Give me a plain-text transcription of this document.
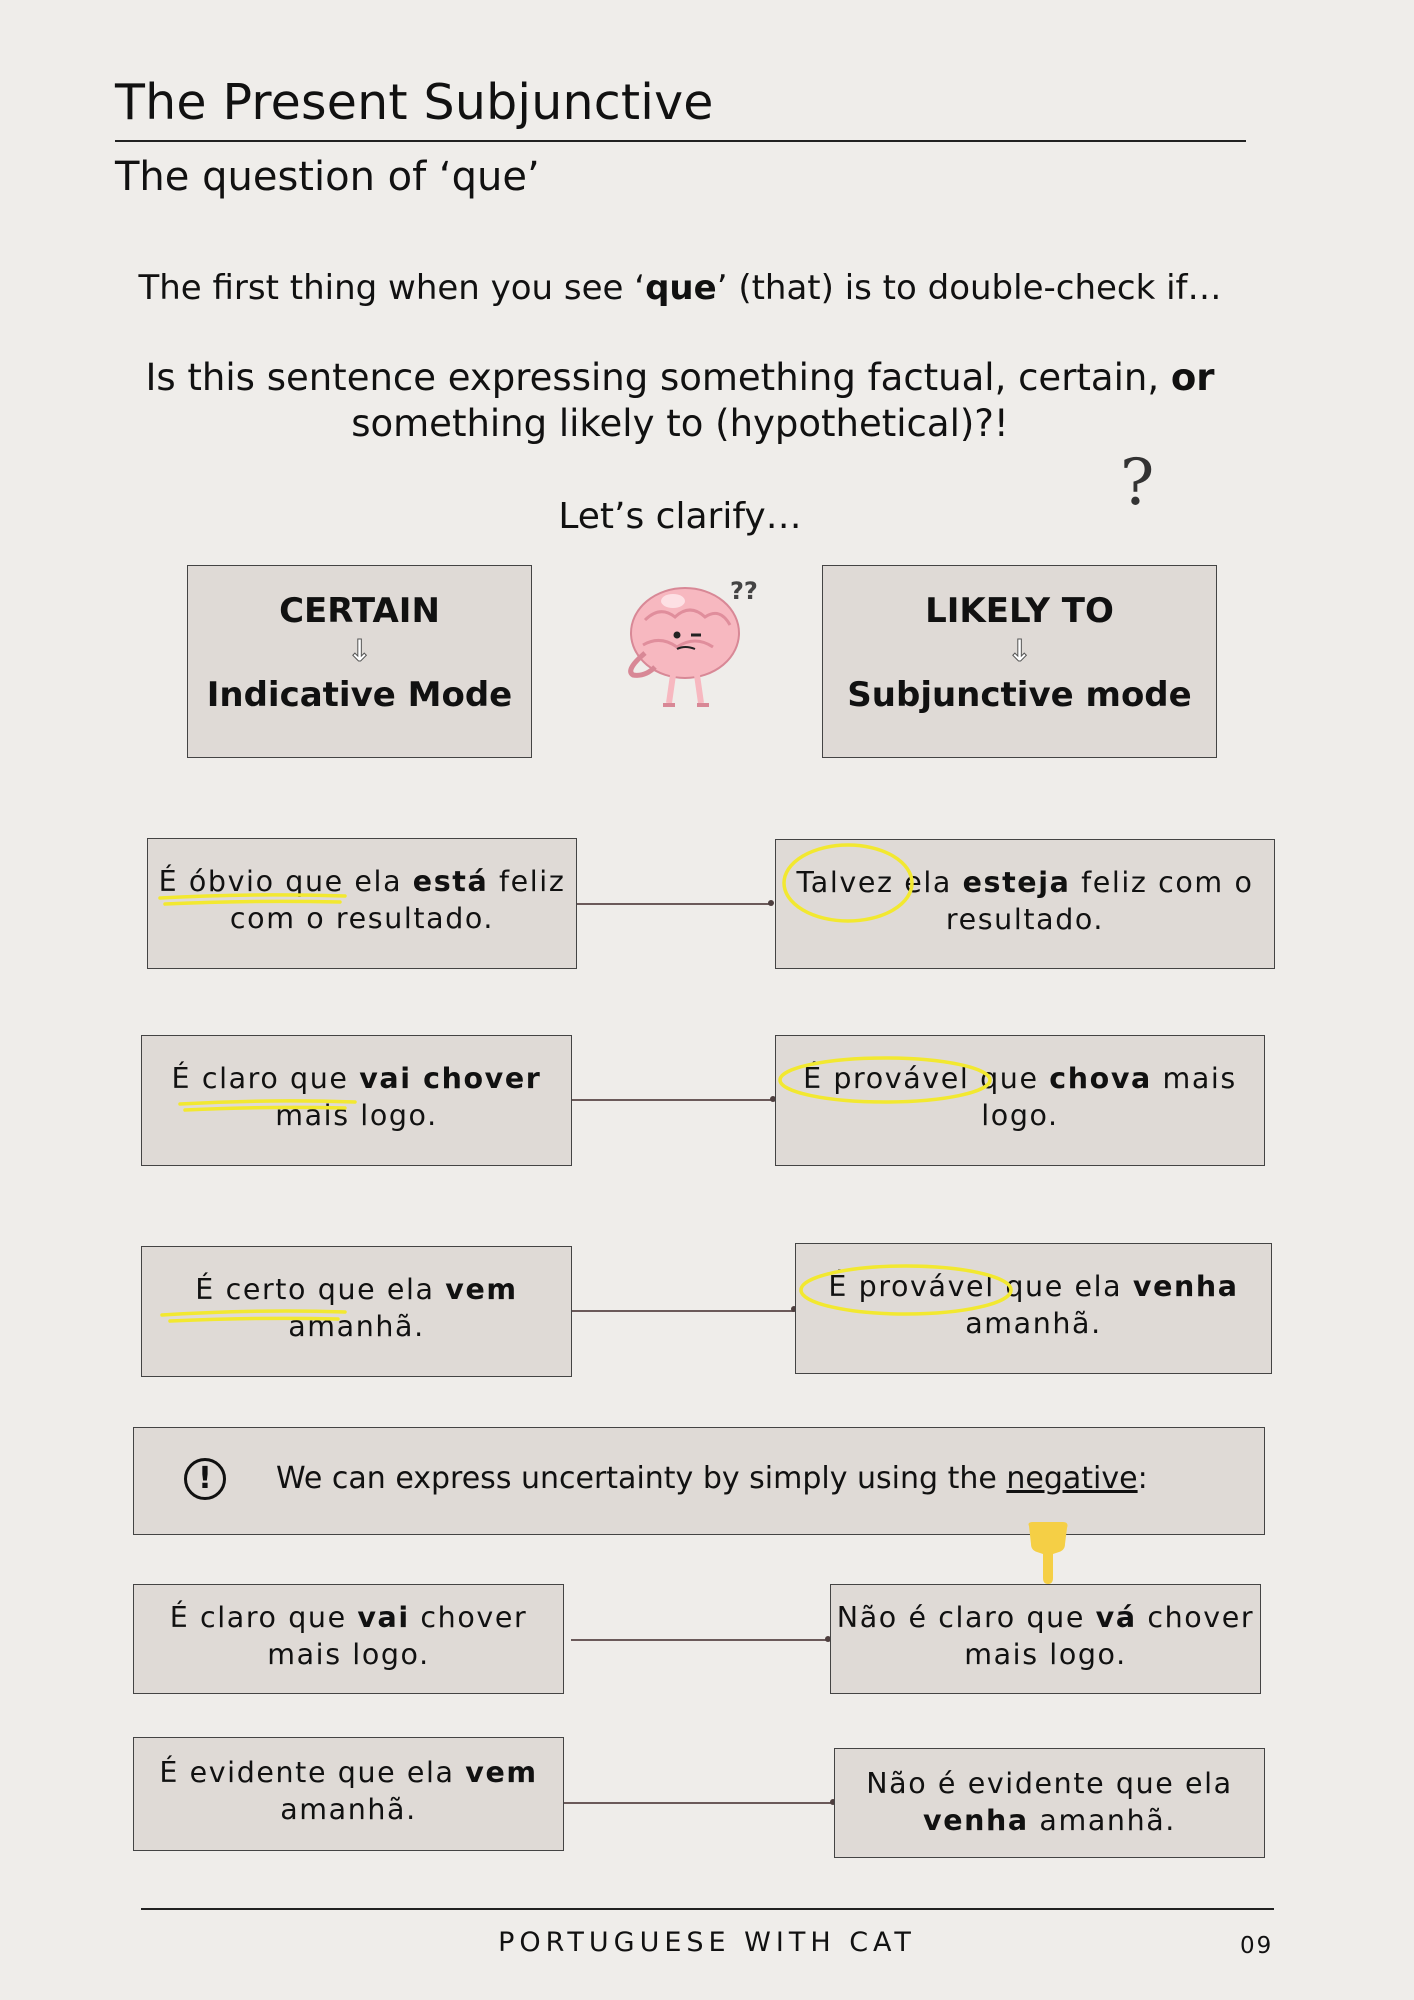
The Present Subjunctive
The question of ‘que’
The first thing when you see ‘que’ (that) is to double-check if…
Is this sentence expressing something factual, certain, or
something likely to (hypothetical)?!
Let’s clarify…	?
CERTAIN
↓
Indicative Mode
??	LIKELY TO
↓
Subjunctive mode
É óbvio que ela está feliz com o resultado.
Talvez ela esteja feliz com o resultado.
É claro que vai chover mais logo.
É provável que chova mais logo.
É certo que ela vem amanhã.
É provável que ela venha amanhã.
!	We can express uncertainty by simply using the negative:
É claro que vai chover mais logo.
Não é claro que vá chover mais logo.
É evidente que ela vem amanhã.
Não é evidente que ela venha amanhã.
PORTUGUESE WITH CAT	09
